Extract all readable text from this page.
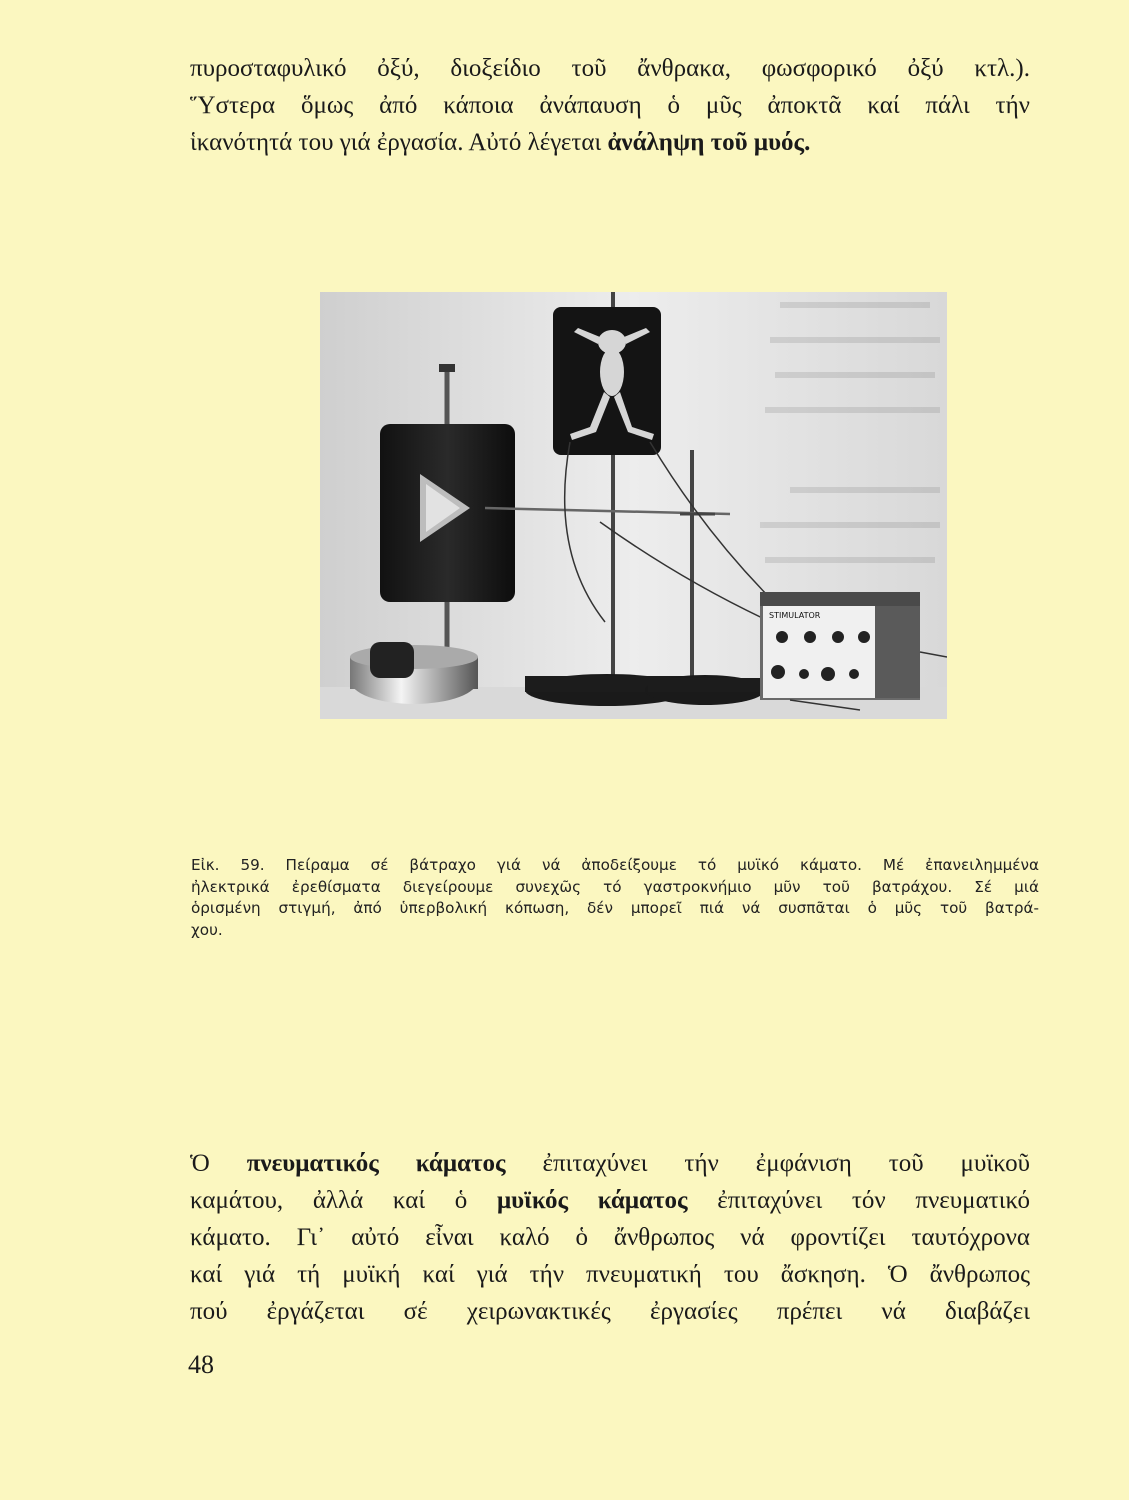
πυροσταφυλικό ὀξύ, διοξείδιο τοῦ ἄνθρακα, φωσφορικό ὀξύ κτλ.).
Ὕστερα ὅμως ἀπό κάποια ἀνάπαυση ὁ μῦς ἀποκτᾶ καί πάλι τήν
ἱκανότητά του γιά ἐργασία. Αὐτό λέγεται ἀνάληψη τοῦ μυός.
STIMULATOR
Εἰκ. 59. Πείραμα σέ βάτραχο γιά νά ἀποδείξουμε τό μυϊκό κάματο. Μέ ἐπανειλημμένα
ἠλεκτρικά ἐρεθίσματα διεγείρουμε συνεχῶς τό γαστροκνήμιο μῦν τοῦ βατράχου. Σέ μιά
ὁρισμένη στιγμή, ἀπό ὑπερβολική κόπωση, δέν μπορεῖ πιά νά συσπᾶται ὁ μῦς τοῦ βατρά-
χου.
Ὁ πνευματικός κάματος ἐπιταχύνει τήν ἐμφάνιση τοῦ μυϊκοῦ
καμάτου, ἀλλά καί ὁ μυϊκός κάματος ἐπιταχύνει τόν πνευματικό
κάματο. Γι᾽ αὐτό εἶναι καλό ὁ ἄνθρωπος νά φροντίζει ταυτόχρονα
καί γιά τή μυϊκή καί γιά τήν πνευματική του ἄσκηση. Ὁ ἄνθρωπος
πού ἐργάζεται σέ χειρωνακτικές ἐργασίες πρέπει νά διαβάζει
48
